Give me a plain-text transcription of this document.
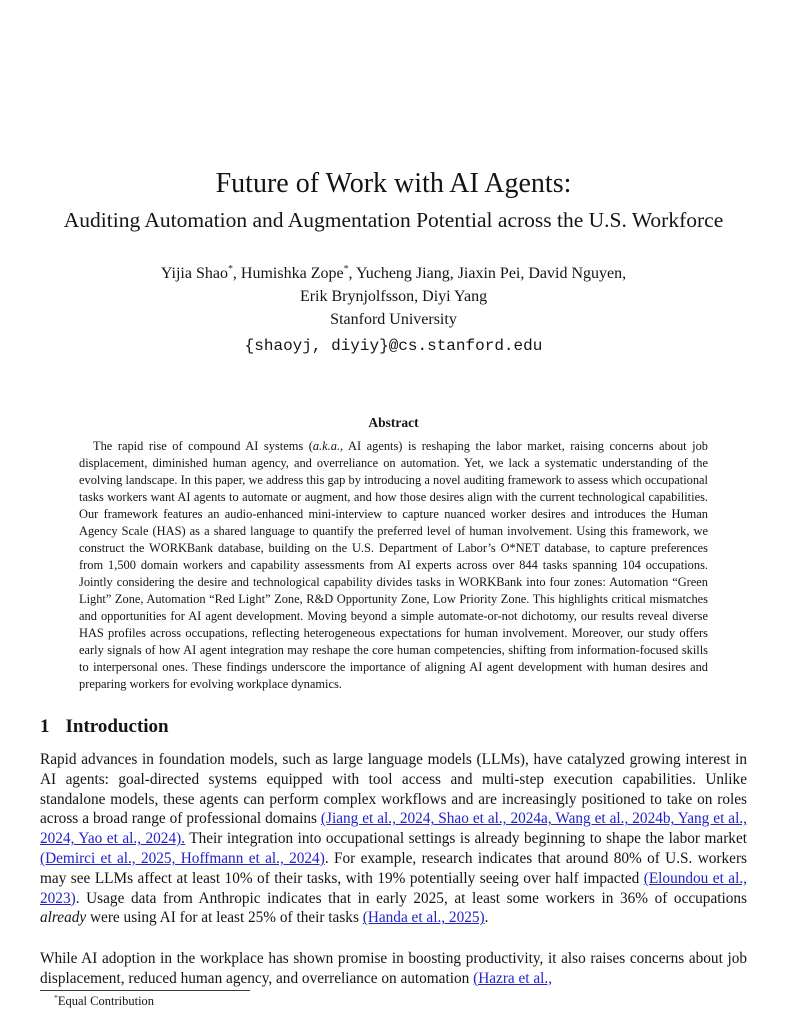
Future of Work with AI Agents:
Auditing Automation and Augmentation Potential across the U.S. Workforce
Yijia Shao*, Humishka Zope*, Yucheng Jiang, Jiaxin Pei, David Nguyen,
Erik Brynjolfsson, Diyi Yang
Stanford University
{shaoyj, diyiy}@cs.stanford.edu
Abstract

The rapid rise of compound AI systems (a.k.a., AI agents) is reshaping the labor market, raising concerns about job displacement, diminished human agency, and overreliance on automation. Yet, we lack a systematic understanding of the evolving landscape. In this paper, we address this gap by introducing a novel auditing framework to assess which occupational tasks workers want AI agents to automate or augment, and how those desires align with the current technological capabilities. Our framework features an audio-enhanced mini-interview to capture nuanced worker desires and introduces the Human Agency Scale (HAS) as a shared language to quantify the preferred level of human involvement. Using this framework, we construct the WORKBank database, building on the U.S. Department of Labor’s O*NET database, to capture preferences from 1,500 domain workers and capability assessments from AI experts across over 844 tasks spanning 104 occupations. Jointly considering the desire and technological capability divides tasks in WORKBank into four zones: Automation “Green Light” Zone, Automation “Red Light” Zone, R&D Opportunity Zone, Low Priority Zone. This highlights critical mismatches and opportunities for AI agent development. Moving beyond a simple automate-or-not dichotomy, our results reveal diverse HAS profiles across occupations, reflecting heterogeneous expectations for human involvement. Moreover, our study offers early signals of how AI agent integration may reshape the core human competencies, shifting from information-focused skills to interpersonal ones. These findings underscore the importance of aligning AI agent development with human desires and preparing workers for evolving workplace dynamics.

1 Introduction

Rapid advances in foundation models, such as large language models (LLMs), have catalyzed growing interest in AI agents: goal-directed systems equipped with tool access and multi-step execution capabilities. Unlike standalone models, these agents can perform complex workflows and are increasingly positioned to take on roles across a broad range of professional domains (Jiang et al., 2024, Shao et al., 2024a, Wang et al., 2024b, Yang et al., 2024, Yao et al., 2024). Their integration into occupational settings is already beginning to shape the labor market (Demirci et al., 2025, Hoffmann et al., 2024). For example, research indicates that around 80% of U.S. workers may see LLMs affect at least 10% of their tasks, with 19% potentially seeing over half impacted (Eloundou et al., 2023). Usage data from Anthropic indicates that in early 2025, at least some workers in 36% of occupations already were using AI for at least 25% of their tasks (Handa et al., 2025).

While AI adoption in the workplace has shown promise in boosting productivity, it also raises concerns about job displacement, reduced human agency, and overreliance on automation (Hazra et al.,

*Equal Contribution
